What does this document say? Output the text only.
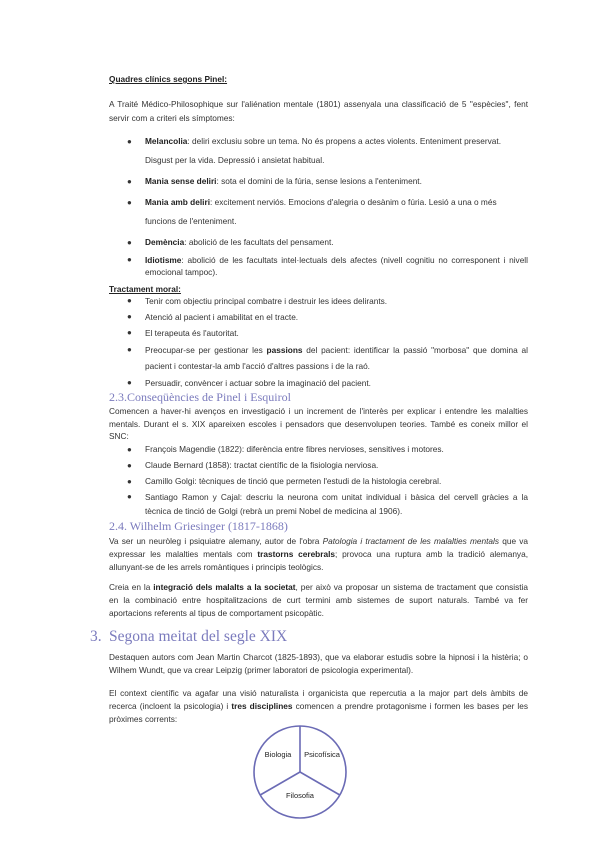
Quadres clínics segons Pinel:
A Traité Médico-Philosophique sur l'aliénation mentale (1801) assenyala una classificació de 5 "espècies", fent servir com a criteri els símptomes:
● Melancolia: deliri exclusiu sobre un tema. No és propens a actes violents. Enteniment preservat. Disgust per la vida. Depressió i ansietat habitual.
● Mania sense deliri: sota el domini de la fúria, sense lesions a l'enteniment.
● Mania amb deliri: excitement nerviós. Emocions d'alegria o desànim o fúria. Lesió a una o més funcions de l'enteniment.
● Demència: abolició de les facultats del pensament.
● Idiotisme: abolició de les facultats intel·lectuals dels afectes (nivell cognitiu no corresponent i nivell emocional tampoc).
Tractament moral:
● Tenir com objectiu principal combatre i destruir les idees delirants.
● Atenció al pacient i amabilitat en el tracte.
● El terapeuta és l'autoritat.
● Preocupar-se per gestionar les passions del pacient: identificar la passió "morbosa" que domina al pacient i contestar-la amb l'acció d'altres passions i de la raó.
● Persuadir, convèncer i actuar sobre la imaginació del pacient.
2.3.Conseqüències de Pinel i Esquirol
Comencen a haver-hi avenços en investigació i un increment de l'interès per explicar i entendre les malalties mentals. Durant el s. XIX apareixen escoles i pensadors que desenvolupen teories. També es coneix millor el SNC:
● François Magendie (1822): diferència entre fibres nervioses, sensitives i motores.
● Claude Bernard (1858): tractat científic de la fisiologia nerviosa.
● Camillo Golgi: tècniques de tinció que permeten l'estudi de la histologia cerebral.
● Santiago Ramon y Cajal: descriu la neurona com unitat individual i bàsica del cervell gràcies a la tècnica de tinció de Golgi (rebrà un premi Nobel de medicina al 1906).
2.4. Wilhelm Griesinger (1817-1868)
Va ser un neuròleg i psiquiatre alemany, autor de l'obra Patologia i tractament de les malalties mentals que va expressar les malalties mentals com trastorns cerebrals; provoca una ruptura amb la tradició alemanya, allunyant-se de les arrels romàntiques i principis teològics.
Creia en la integració dels malalts a la societat, per això va proposar un sistema de tractament que consistia en la combinació entre hospitalitzacions de curt termini amb sistemes de suport naturals. També va fer aportacions referents al tipus de comportament psicopàtic.
3. Segona meitat del segle XIX
Destaquen autors com Jean Martin Charcot (1825-1893), que va elaborar estudis sobre la hipnosi i la histèria; o Wilhem Wundt, que va crear Leipzig (primer laboratori de psicologia experimental).
El context científic va agafar una visió naturalista i organicista que repercutia a la major part dels àmbits de recerca (incloent la psicologia) i tres disciplines comencen a prendre protagonisme i formen les bases per les pròximes corrents:
Biologia Psicofísica
Filosofia
